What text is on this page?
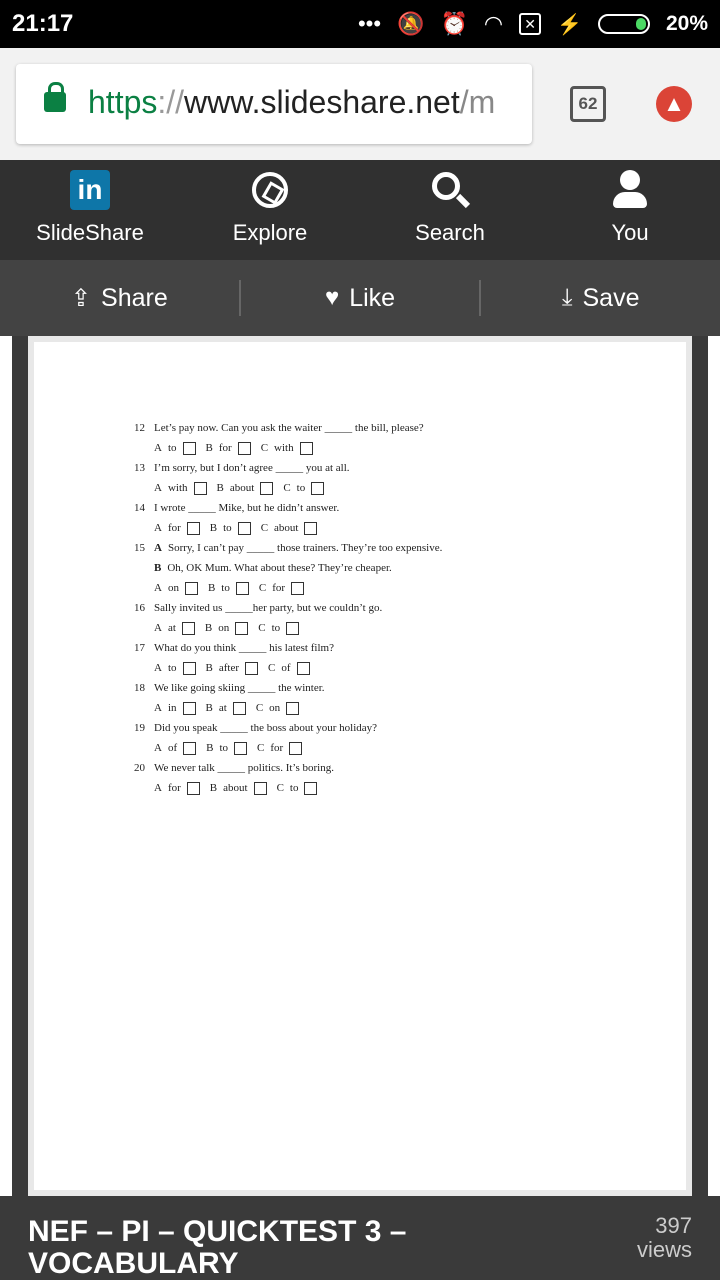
21:17	••• 🔕 ⏰ ◠	✕ ⚡	20%
https://www.slideshare.net/m	62	▲
in
SlideShare	Explore	Search	You
⇪ Share	♥ Like	⤓ Save
12 Let’s pay now. Can you ask the waiter _____ the bill, please?
A to	B for	C with
13 I’m sorry, but I don’t agree _____ you at all.
A with	B about	C to
14 I wrote _____ Mike, but he didn’t answer.
A for	B to	C about
15 A Sorry, I can’t pay _____ those trainers. They’re too expensive.
B Oh, OK Mum. What about these? They’re cheaper.
A on	B to	C for
16 Sally invited us _____her party, but we couldn’t go.
A at	B on	C to
17 What do you think _____ his latest film?
A to	B after	C of
18 We like going skiing _____ the winter.
A in	B at	C on
19 Did you speak _____ the boss about your holiday?
A of	B to	C for
20 We never talk _____ politics. It’s boring.
A for	B about	C to
NEF – PI – QUICKTEST 3 – VOCABULARY
397
views
